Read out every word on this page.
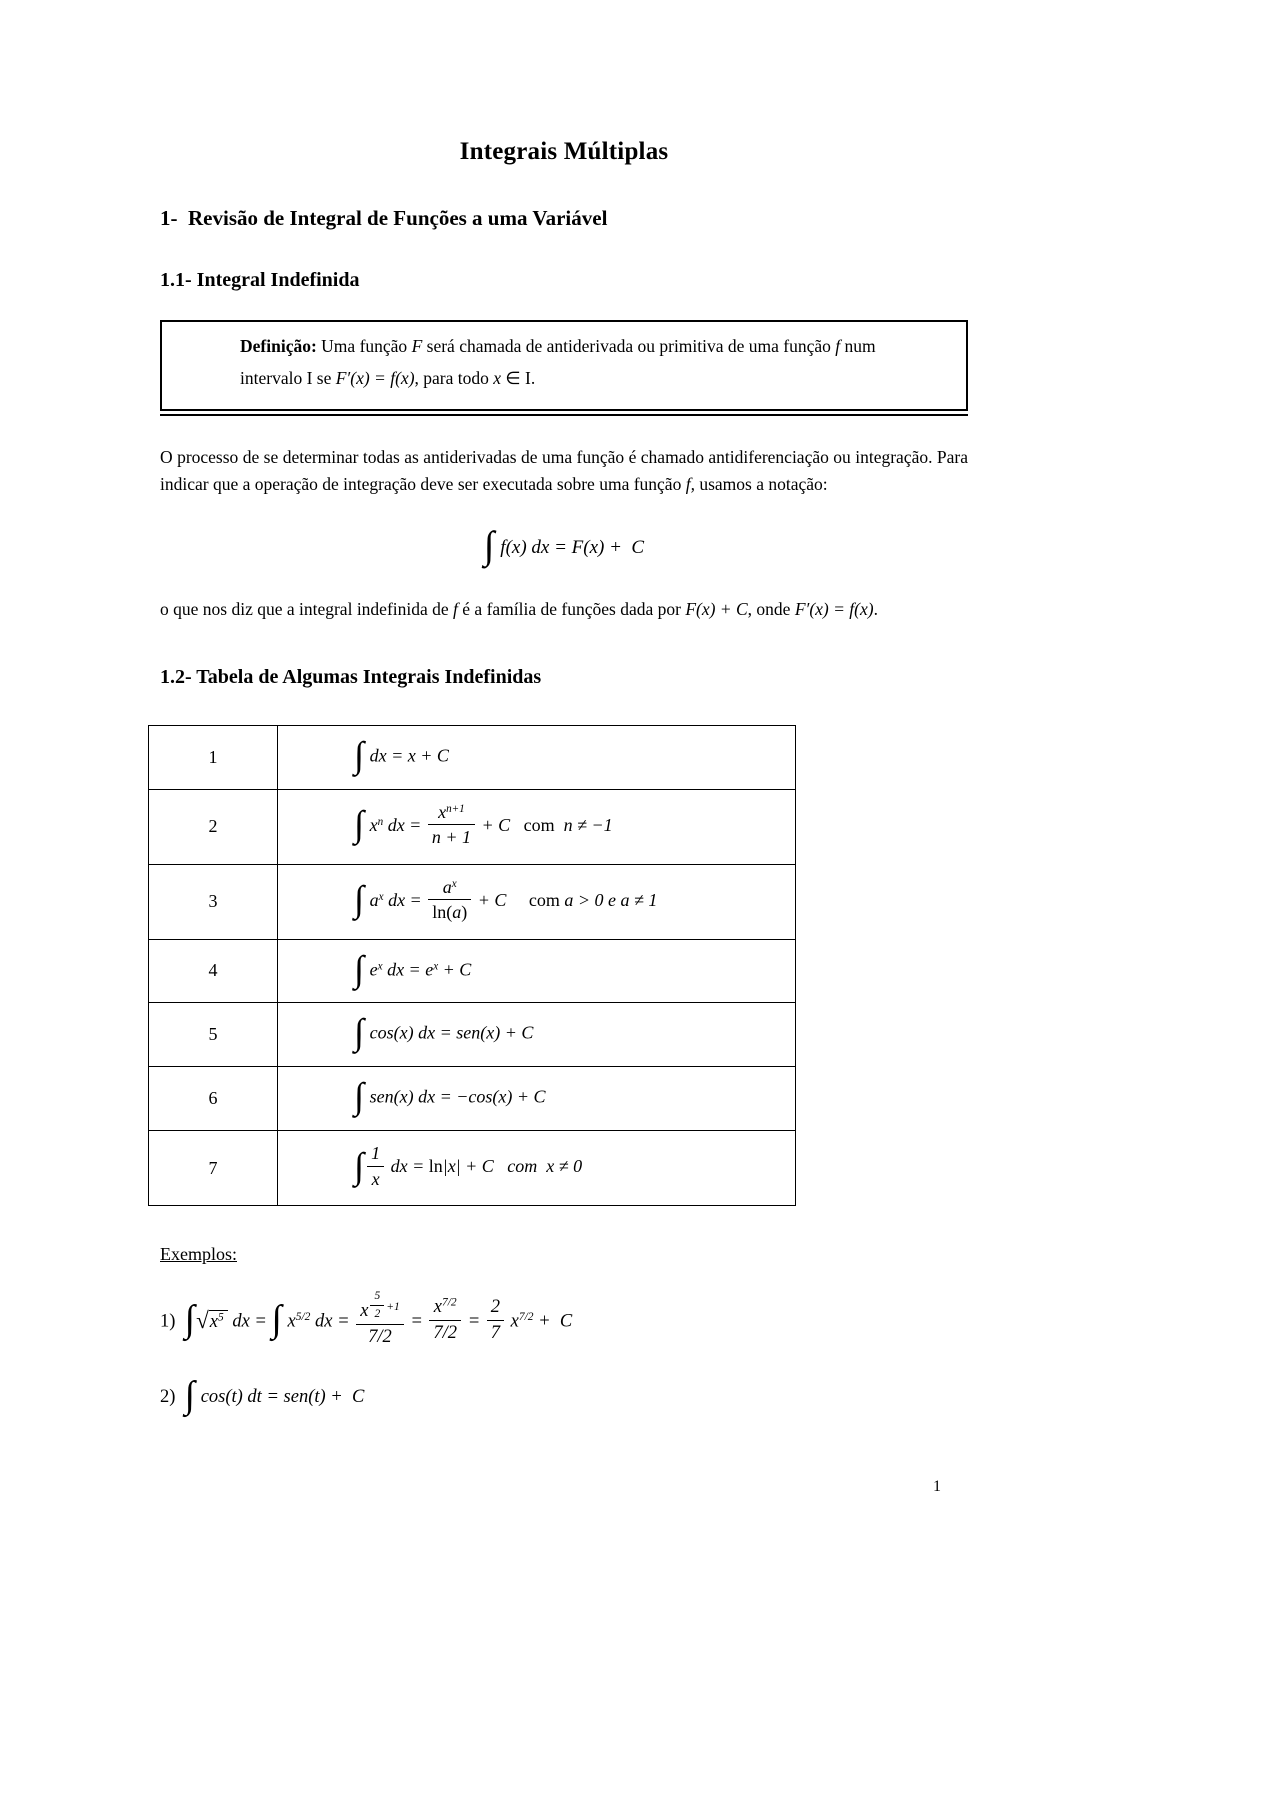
Integrais Múltiplas
1-  Revisão de Integral de Funções a uma Variável
1.1- Integral Indefinida
Definição: Uma função F será chamada de antiderivada ou primitiva de uma função f num intervalo I se F′(x) = f(x), para todo x ∈ I.

O processo de se determinar todas as antiderivadas de uma função é chamado antidiferenciação ou integração. Para indicar que a operação de integração deve ser executada sobre uma função f, usamos a notação:

∫ f(x) dx = F(x) +  C

o que nos diz que a integral indefinida de f é a família de funções dada por F(x) + C, onde F′(x) = f(x).

1.2- Tabela de Algumas Integrais Indefinidas
1	∫ dx = x + C
2	∫ $x^n$ dx = $\frac{x^{n+1}}{n + 1} + C$   com  n ≠ −1
3	∫ $a^x$ dx = $\frac{a^x}{\ln(a)} + C$     com a > 0 e a ≠ 1
4	∫ $e^x$ dx = $e^x + C$
5	∫ cos(x) dx = sen(x) + C
6	∫ sen(x) dx = −cos(x) + C
7	∫ $\frac{1}{x}$ dx = ln|x| + C   com  x ≠ 0

Exemplos:

1)  $\int√x^5$ dx = ∫ $x^{5/2}$ dx = x $^{\frac{5}{2} +1}$
$7/2 = \frac{x^{7/2}}{7/2} = \frac{2}{7} x^{7/2} + C$
2)  ∫ cos(t) dt = sen(t) +  C
1
